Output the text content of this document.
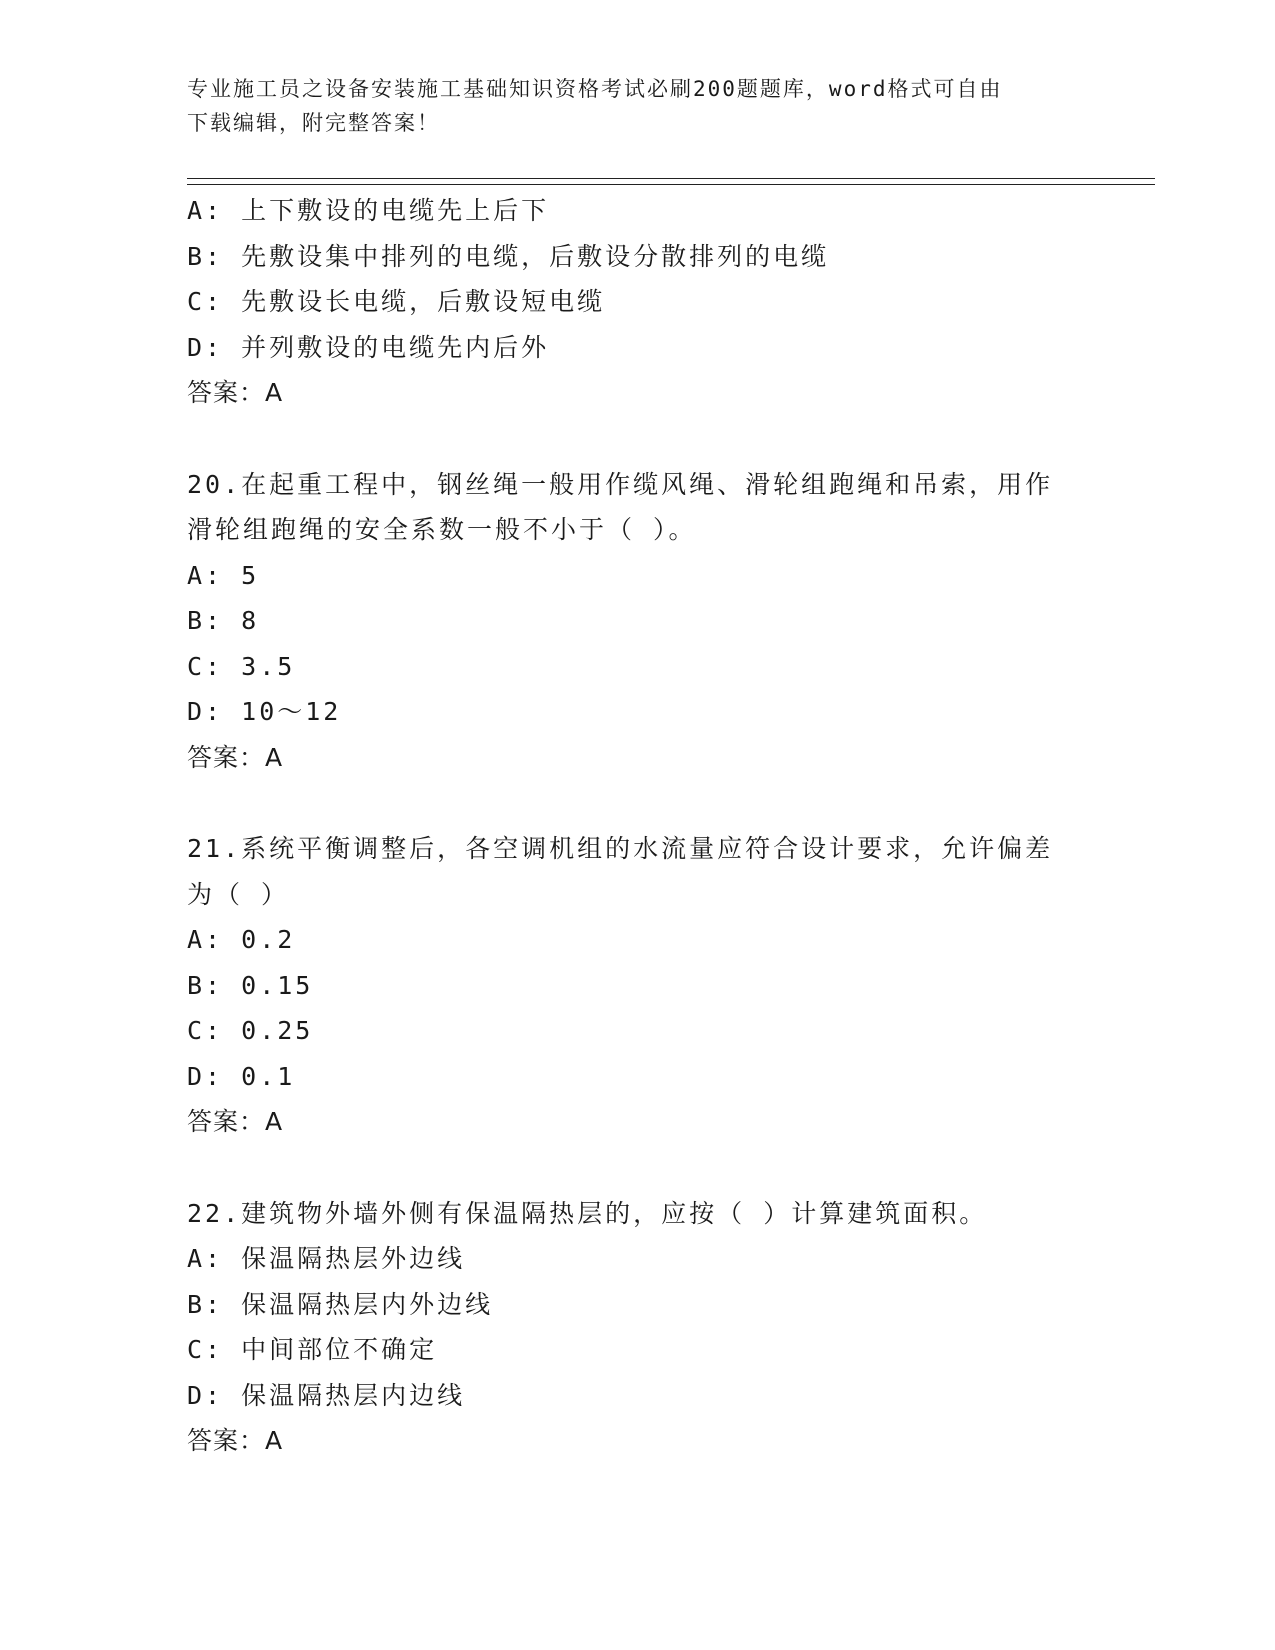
专业施工员之设备安装施工基础知识资格考试必刷200题题库，word格式可自由
下载编辑，附完整答案！
A: 上下敷设的电缆先上后下
B: 先敷设集中排列的电缆，后敷设分散排列的电缆
C: 先敷设长电缆，后敷设短电缆
D: 并列敷设的电缆先内后外
答案：A
20.在起重工程中，钢丝绳一般用作缆风绳、滑轮组跑绳和吊索，用作
滑轮组跑绳的安全系数一般不小于（ ）。
A: 5
B: 8
C: 3.5
D: 10～12
答案：A
21.系统平衡调整后，各空调机组的水流量应符合设计要求，允许偏差
为（ ）
A: 0.2
B: 0.15
C: 0.25
D: 0.1
答案：A
22.建筑物外墙外侧有保温隔热层的，应按（ ）计算建筑面积。
A: 保温隔热层外边线
B: 保温隔热层内外边线
C: 中间部位不确定
D: 保温隔热层内边线
答案：A
